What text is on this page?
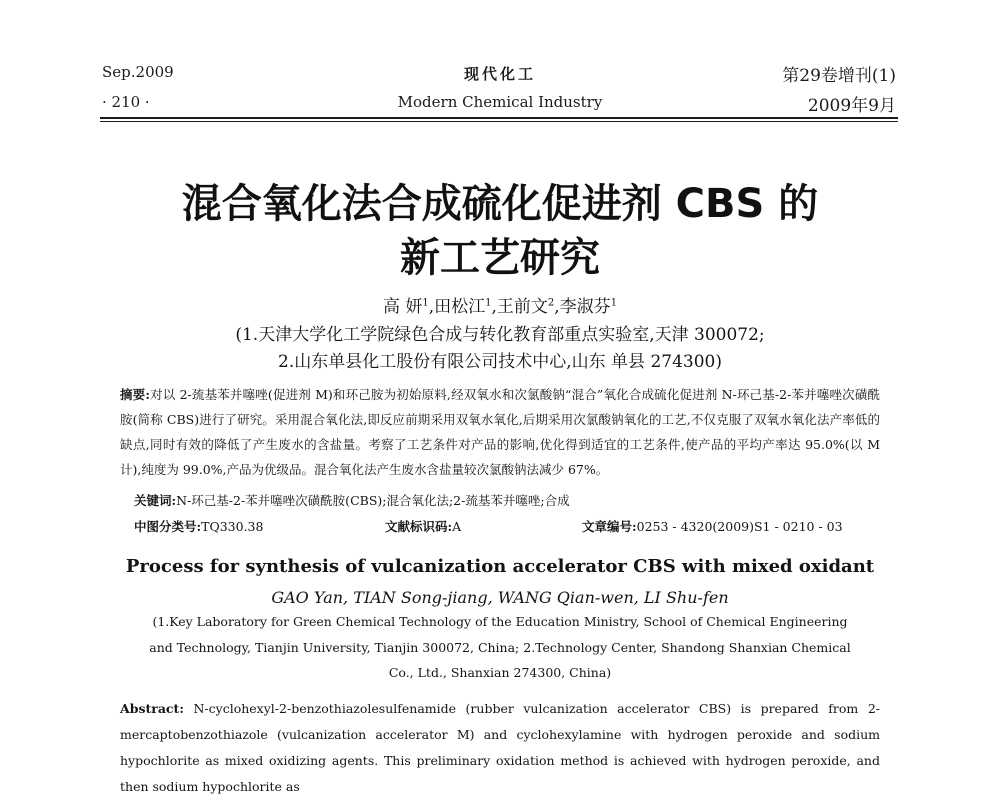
Sep.2009
· 210 ·
现代化工
Modern Chemical Industry
第29卷增刊(1)
2009年9月
混合氧化法合成硫化促进剂 CBS 的
新工艺研究
高 妍$^1$,田松江$^1$,王前文$^2$,李淑芬$^1$
(1.天津大学化工学院绿色合成与转化教育部重点实验室,天津 300072;
2.山东单县化工股份有限公司技术中心,山东 单县 274300)
摘要:对以 2-巯基苯并噻唑(促进剂 M)和环己胺为初始原料,经双氧水和次氯酸钠“混合”氧化合成硫化促进剂 N-环己基-2-苯并噻唑次磺酰胺(简称 CBS)进行了研究。采用混合氧化法,即反应前期采用双氧水氧化,后期采用次氯酸钠氧化的工艺,不仅克服了双氧水氧化法产率低的缺点,同时有效的降低了产生废水的含盐量。考察了工艺条件对产品的影响,优化得到适宜的工艺条件,使产品的平均产率达 95.0%(以 M 计),纯度为 99.0%,产品为优级品。混合氧化法产生废水含盐量较次氯酸钠法减少 67%。
关键词:N-环己基-2-苯并噻唑次磺酰胺(CBS);混合氧化法;2-巯基苯并噻唑;合成
中图分类号:TQ330.38	文献标识码:A	文章编号:0253 - 4320(2009)S1 - 0210 - 03
Process for synthesis of vulcanization accelerator CBS with mixed oxidant
GAO Yan, TIAN Song-jiang, WANG Qian-wen, LI Shu-fen
(1.Key Laboratory for Green Chemical Technology of the Education Ministry, School of Chemical Engineering
and Technology, Tianjin University, Tianjin 300072, China; 2.Technology Center, Shandong Shanxian Chemical
Co., Ltd., Shanxian 274300, China)
Abstract: N-cyclohexyl-2-benzothiazolesulfenamide (rubber vulcanization accelerator CBS) is prepared from 2-mercaptobenzothiazole (vulcanization accelerator M) and cyclohexylamine with hydrogen peroxide and sodium hypochlorite as mixed oxidizing agents. This preliminary oxidation method is achieved with hydrogen peroxide, and then sodium hypochlorite as
